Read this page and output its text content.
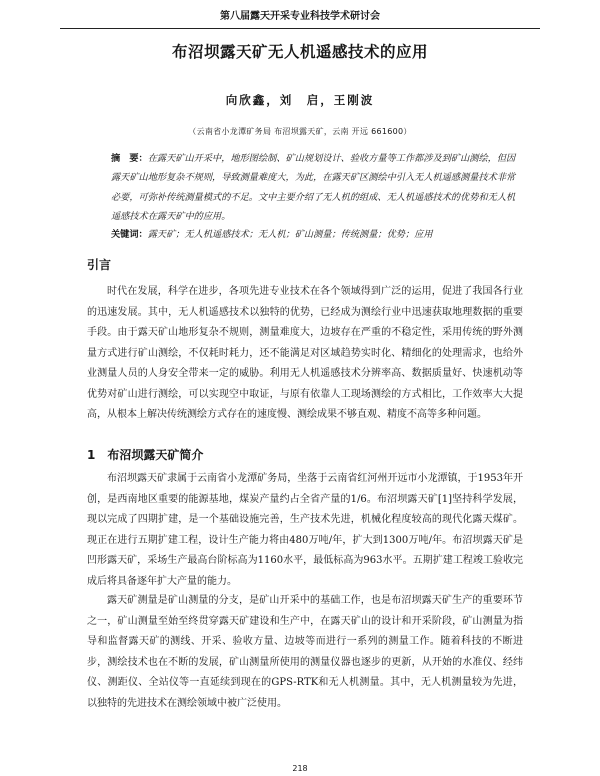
第八届露天开采专业科技学术研讨会
布沼坝露天矿无人机遥感技术的应用
向欣鑫，刘　启，王刚波
（云南省小龙潭矿务局 布沼坝露天矿，云南 开远 661600）
摘　要：在露天矿山开采中，地形图绘制、矿山规划设计、验收方量等工作都涉及到矿山测绘，但因露天矿山地形复杂不规则，导致测量难度大，为此，在露天矿区测绘中引入无人机遥感测量技术非常必要，可弥补传统测量模式的不足。文中主要介绍了无人机的组成、无人机遥感技术的优势和无人机遥感技术在露天矿中的应用。
关键词：露天矿；无人机遥感技术；无人机；矿山测量；传统测量；优势；应用
引言

时代在发展，科学在进步，各项先进专业技术在各个领域得到广泛的运用，促进了我国各行业的迅速发展。其中，无人机遥感技术以独特的优势，已经成为测绘行业中迅速获取地理数据的重要手段。由于露天矿山地形复杂不规则，测量难度大，边坡存在严重的不稳定性，采用传统的野外测量方式进行矿山测绘，不仅耗时耗力，还不能满足对区域趋势实时化、精细化的处理需求，也给外业测量人员的人身安全带来一定的威胁。利用无人机遥感技术分辨率高、数据质量好、快速机动等优势对矿山进行测绘，可以实现空中取证，与原有依靠人工现场测绘的方式相比，工作效率大大提高，从根本上解决传统测绘方式存在的速度慢、测绘成果不够直观、精度不高等多种问题。

1　布沼坝露天矿简介

布沼坝露天矿隶属于云南省小龙潭矿务局，坐落于云南省红河州开远市小龙潭镇，于1953年开创，是西南地区重要的能源基地，煤炭产量约占全省产量的1/6。布沼坝露天矿[1]坚持科学发展，现以完成了四期扩建，是一个基础设施完善，生产技术先进，机械化程度较高的现代化露天煤矿。现正在进行五期扩建工程，设计生产能力将由480万吨/年，扩大到1300万吨/年。布沼坝露天矿是凹形露天矿，采场生产最高台阶标高为1160水平，最低标高为963水平。五期扩建工程竣工验收完成后将具备逐年扩大产量的能力。

露天矿测量是矿山测量的分支，是矿山开采中的基础工作，也是布沼坝露天矿生产的重要环节之一，矿山测量至始至终贯穿露天矿建设和生产中，在露天矿山的设计和开采阶段，矿山测量为指导和监督露天矿的测线、开采、验收方量、边坡等而进行一系列的测量工作。随着科技的不断进步，测绘技术也在不断的发展，矿山测量所使用的测量仪器也逐步的更新，从开始的水准仪、经纬仪、测距仪、全站仪等一直延续到现在的GPS-RTK和无人机测量。其中，无人机测量较为先进，以独特的先进技术在测绘领域中被广泛使用。

218
